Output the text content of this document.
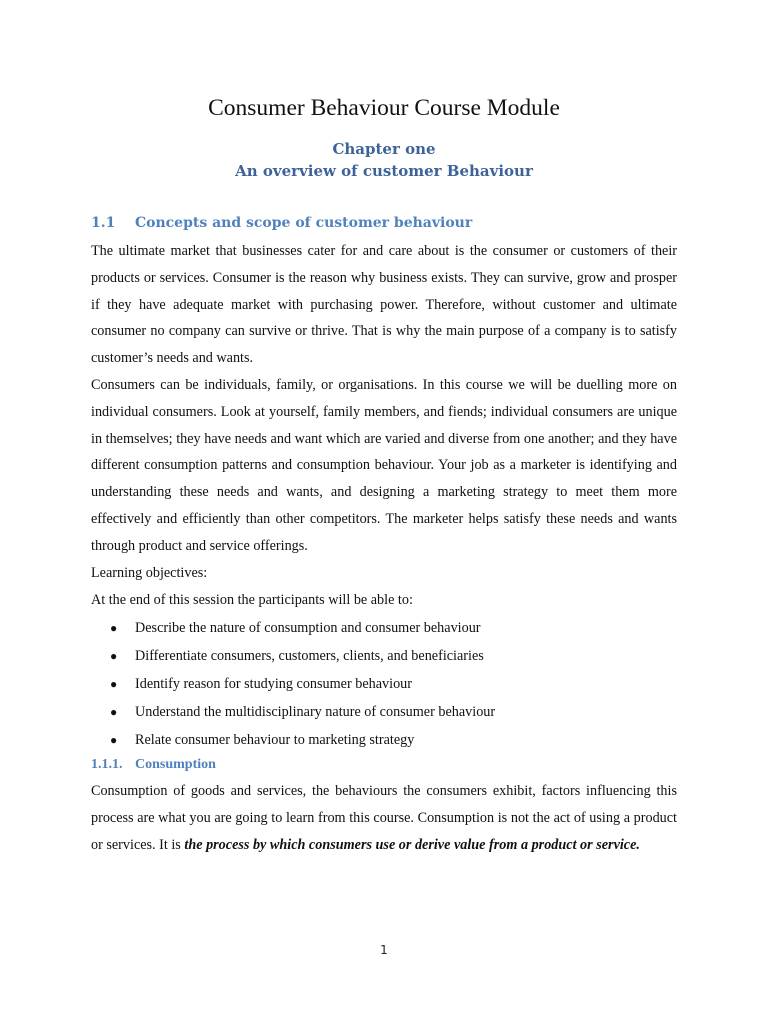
Consumer Behaviour Course Module
Chapter one
An overview of customer Behaviour
1.1 Concepts and scope of customer behaviour

The ultimate market that businesses cater for and care about is the consumer or customers of their products or services. Consumer is the reason why business exists. They can survive, grow and prosper if they have adequate market with purchasing power. Therefore, without customer and ultimate consumer no company can survive or thrive. That is why the main purpose of a company is to satisfy customer’s needs and wants.

Consumers can be individuals, family, or organisations. In this course we will be duelling more on individual consumers. Look at yourself, family members, and fiends; individual consumers are unique in themselves; they have needs and want which are varied and diverse from one another; and they have different consumption patterns and consumption behaviour. Your job as a marketer is identifying and understanding these needs and wants, and designing a marketing strategy to meet them more effectively and efficiently than other competitors. The marketer helps satisfy these needs and wants through product and service offerings.

Learning objectives:

At the end of this session the participants will be able to:

● Describe the nature of consumption and consumer behaviour
● Differentiate consumers, customers, clients, and beneficiaries
● Identify reason for studying consumer behaviour
● Understand the multidisciplinary nature of consumer behaviour
● Relate consumer behaviour to marketing strategy
1.1.1. Consumption

Consumption of goods and services, the behaviours the consumers exhibit, factors influencing this process are what you are going to learn from this course. Consumption is not the act of using a product or services. It is the process by which consumers use or derive value from a product or service.

1
